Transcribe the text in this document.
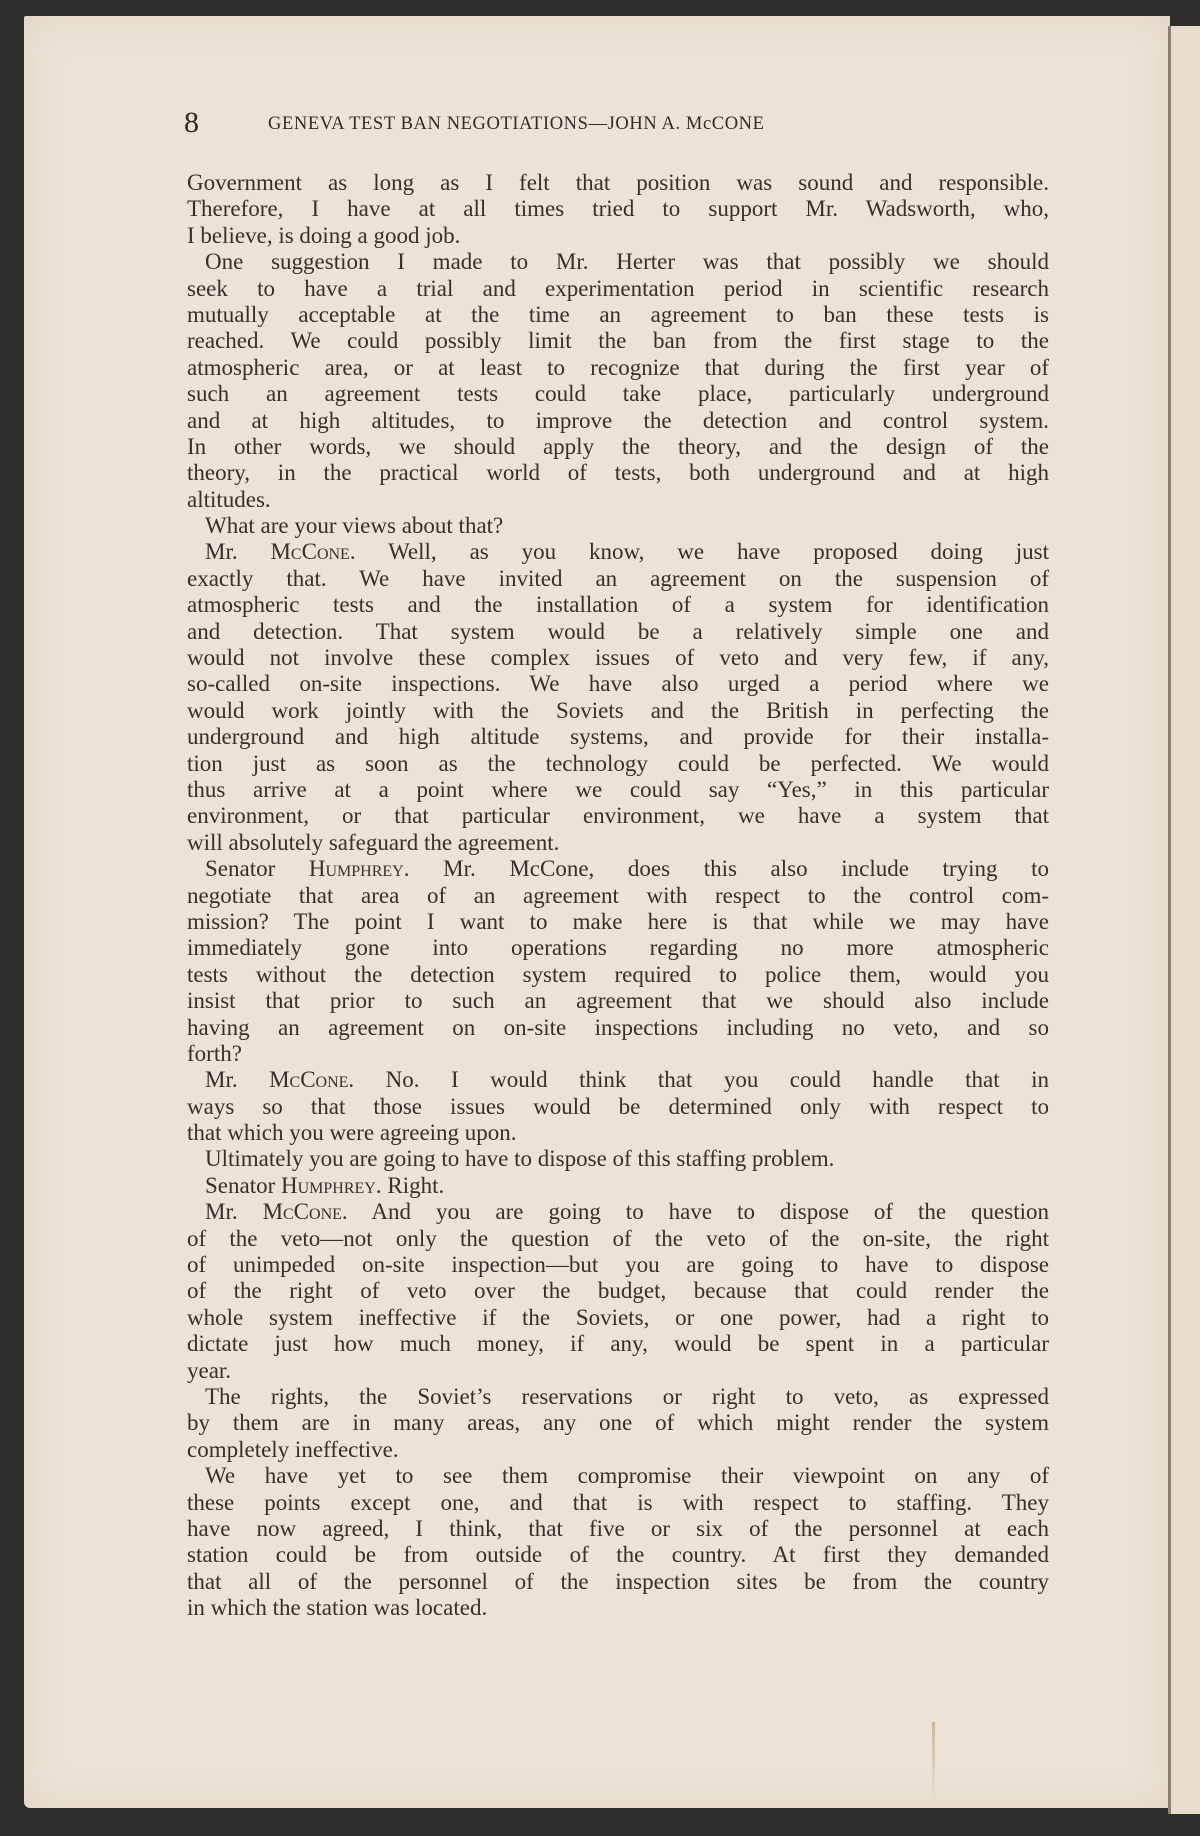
8	GENEVA TEST BAN NEGOTIATIONS—JOHN A. McCONE
Government as long as I felt that position was sound and responsible.
Therefore, I have at all times tried to support Mr. Wadsworth, who,
I believe, is doing a good job.
One suggestion I made to Mr. Herter was that possibly we should
seek to have a trial and experimentation period in scientific research
mutually acceptable at the time an agreement to ban these tests is
reached. We could possibly limit the ban from the first stage to the
atmospheric area, or at least to recognize that during the first year of
such an agreement tests could take place, particularly underground
and at high altitudes, to improve the detection and control system.
In other words, we should apply the theory, and the design of the
theory, in the practical world of tests, both underground and at high
altitudes.
What are your views about that?
Mr. McCone. Well, as you know, we have proposed doing just
exactly that. We have invited an agreement on the suspension of
atmospheric tests and the installation of a system for identification
and detection. That system would be a relatively simple one and
would not involve these complex issues of veto and very few, if any,
so-called on-site inspections. We have also urged a period where we
would work jointly with the Soviets and the British in perfecting the
underground and high altitude systems, and provide for their installa-
tion just as soon as the technology could be perfected. We would
thus arrive at a point where we could say “Yes,” in this particular
environment, or that particular environment, we have a system that
will absolutely safeguard the agreement.
Senator Humphrey. Mr. McCone, does this also include trying to
negotiate that area of an agreement with respect to the control com-
mission? The point I want to make here is that while we may have
immediately gone into operations regarding no more atmospheric
tests without the detection system required to police them, would you
insist that prior to such an agreement that we should also include
having an agreement on on-site inspections including no veto, and so
forth?
Mr. McCone. No. I would think that you could handle that in
ways so that those issues would be determined only with respect to
that which you were agreeing upon.
Ultimately you are going to have to dispose of this staffing problem.
Senator Humphrey. Right.
Mr. McCone. And you are going to have to dispose of the question
of the veto—not only the question of the veto of the on-site, the right
of unimpeded on-site inspection—but you are going to have to dispose
of the right of veto over the budget, because that could render the
whole system ineffective if the Soviets, or one power, had a right to
dictate just how much money, if any, would be spent in a particular
year.
The rights, the Soviet’s reservations or right to veto, as expressed
by them are in many areas, any one of which might render the system
completely ineffective.
We have yet to see them compromise their viewpoint on any of
these points except one, and that is with respect to staffing. They
have now agreed, I think, that five or six of the personnel at each
station could be from outside of the country. At first they demanded
that all of the personnel of the inspection sites be from the country
in which the station was located.
